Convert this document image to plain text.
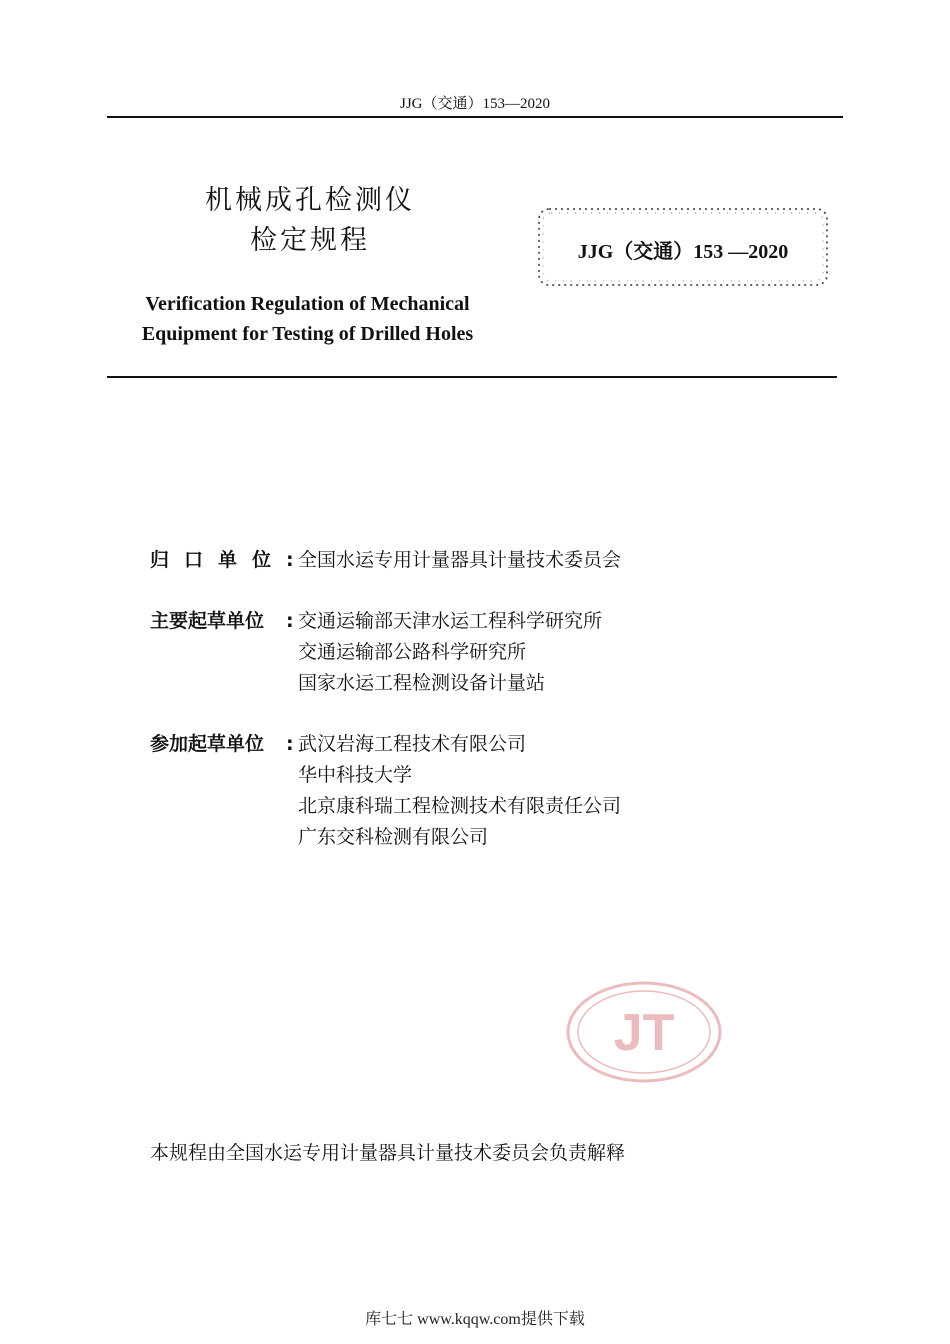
JJG（交通）153—2020
机械成孔检测仪
检定规程
Verification Regulation of Mechanical
Equipment for Testing of Drilled Holes
JJG（交通）153 —2020
归口单位 : 全国水运专用计量器具计量技术委员会
主要起草单位	: 交通运输部天津水运工程科学研究所
交通运输部公路科学研究所
国家水运工程检测设备计量站
参加起草单位	: 武汉岩海工程技术有限公司
华中科技大学
北京康科瑞工程检测技术有限责任公司
广东交科检测有限公司
JT
本规程由全国水运专用计量器具计量技术委员会负责解释
库七七 www.kqqw.com提供下载
